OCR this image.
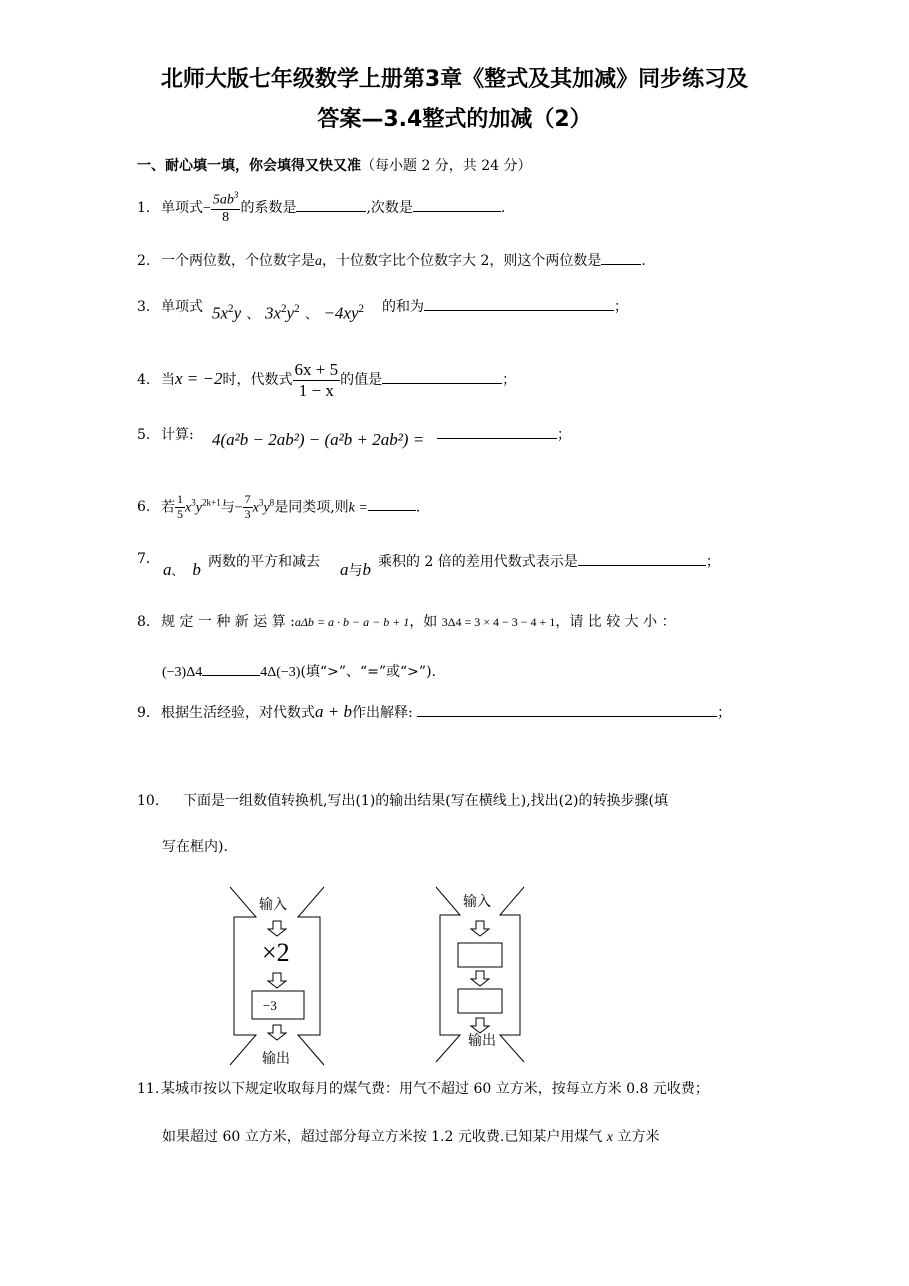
北师大版七年级数学上册第3章《整式及其加减》同步练习及
答案—3.4整式的加减（2）
一、耐心填一填，你会填得又快又准（每小题 2 分，共 24 分）
1. 单项式− $\frac{5ab^3}{8}$ 的系数是	,次数是	.
2. 一个两位数，个位数字是a，十位数字比个位数字大 2，则这个两位数是	.
3. 单项式 $5x^2y$ 、 $3x^2y^2$ 、 $-4xy^2$ 的和为	；
4. 当x = −2时，代数式 $\frac{6x + 5}{1 - x}$ 的值是	；
5. 计算: 4(a²b − 2ab²) − (a²b + 2ab²) =	；
6. 若 $\frac{1}{5} x^3y^{2k+1}$与− $\frac{7}{3} x^3y^8$是同类项,则k =	.
7.
a、 b 两数的平方和减去 a与b 乘积的 2 倍的差用代数式表示是	；
8. 规 定 一 种 新 运 算 :aΔb = a · b − a − b + 1，如 3Δ4 = 3 × 4 − 3 − 4 + 1，请 比 较 大 小 ：
(−3)Δ4	4Δ(−3)(填“>”、“=”或“>”).
9. 根据生活经验，对代数式a + b作出解释:	；
10. 下面是一组数值转换机,写出(1)的输出结果(写在横线上),找出(2)的转换步骤(填
写在框内).
输入
×2
−3
输出
输入
输出
11. 某城市按以下规定收取每月的煤气费：用气不超过 60 立方米，按每立方米 0.8 元收费；
如果超过 60 立方米，超过部分每立方米按 1.2 元收费.已知某户用煤气 x 立方米
